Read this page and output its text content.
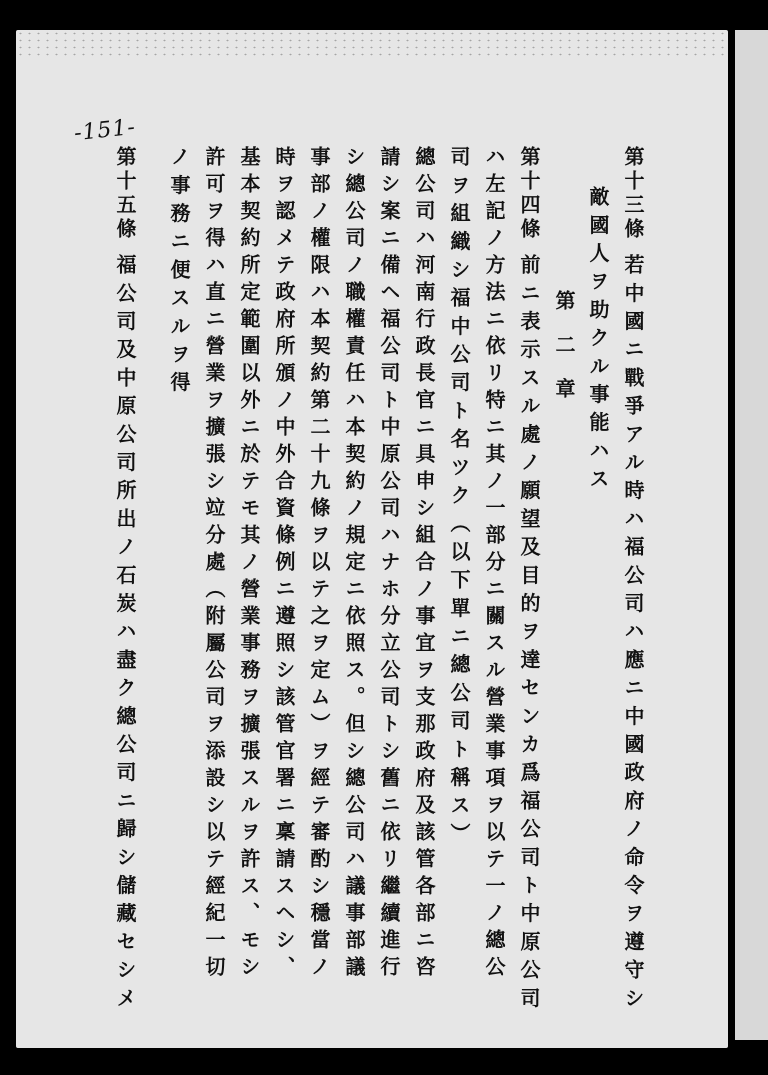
-151-
第十三條若中國ニ戰爭アル時ハ福公司ハ應ニ中國政府ノ命令ヲ遵守シ
敵國人ヲ助クル事能ハス
第　二　章
第十四條前ニ表示スル處ノ願望及目的ヲ達センカ爲福公司ト中原公司
ハ左記ノ方法ニ依リ特ニ其ノ一部分ニ關スル營業事項ヲ以テ一ノ總公
司ヲ組織シ福中公司ト名ツク（以下單ニ總公司ト稱ス）
總公司ハ河南行政長官ニ具申シ組合ノ事宜ヲ支那政府及該管各部ニ咨
請シ案ニ備ヘ福公司ト中原公司ハナホ分立公司トシ舊ニ依リ繼續進行
シ總公司ノ職權責任ハ本契約ノ規定ニ依照ス。但シ總公司ハ議事部議
事部ノ權限ハ本契約第二十九條ヲ以テ之ヲ定ム）ヲ經テ審酌シ穩當ノ
時ヲ認メテ政府所頒ノ中外合資條例ニ遵照シ該管官署ニ稟請スヘシ、
基本契約所定範圍以外ニ於テモ其ノ營業事務ヲ擴張スルヲ許ス、モシ
許可ヲ得ハ直ニ營業ヲ擴張シ竝分處（附屬公司ヲ添設シ以テ經紀一切
ノ事務ニ便スルヲ得
第十五條福公司及中原公司所出ノ石炭ハ盡ク總公司ニ歸シ儲藏セシメ
